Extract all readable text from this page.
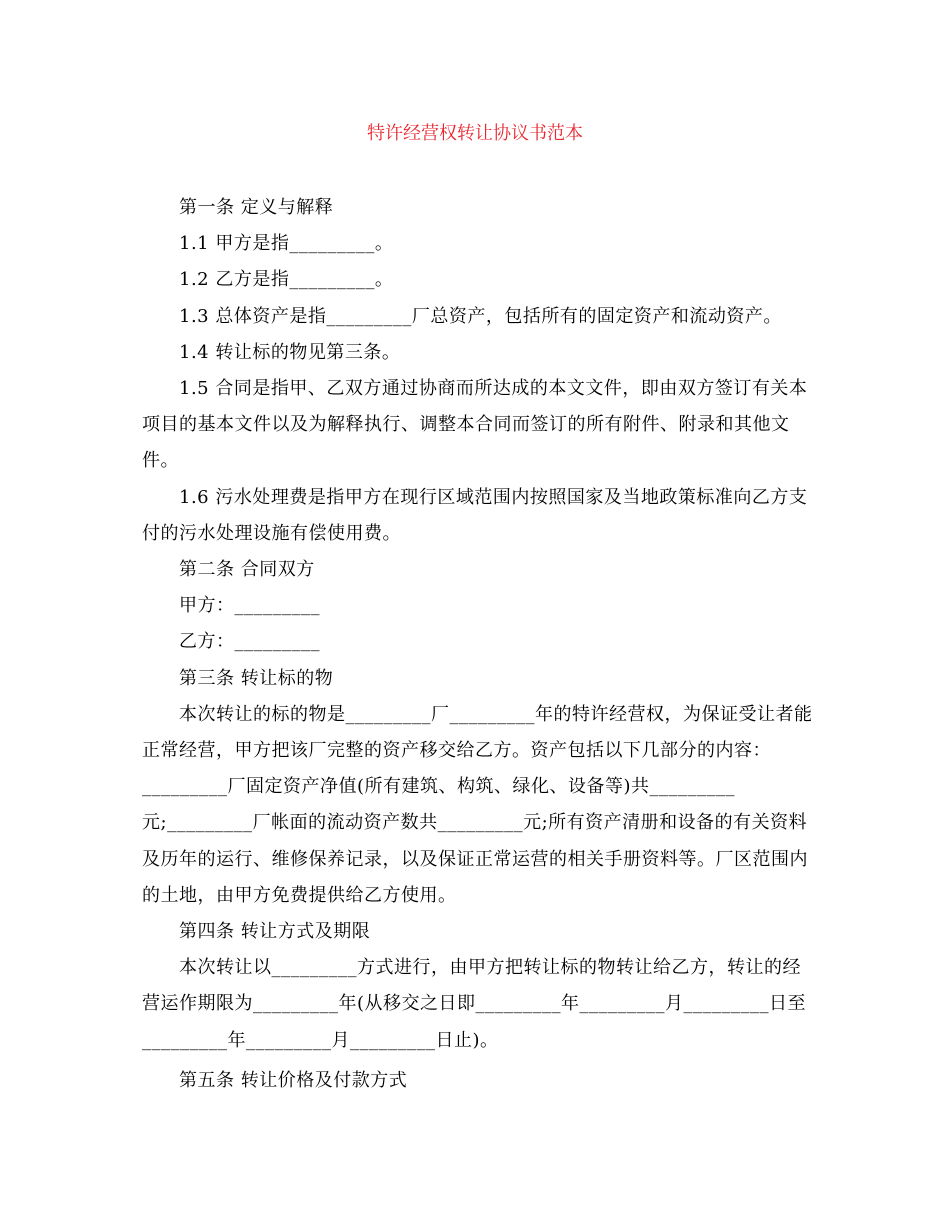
特许经营权转让协议书范本
　　第一条 定义与解释
　　1.1 甲方是指_________。
　　1.2 乙方是指_________。
　　1.3 总体资产是指_________厂总资产，包括所有的固定资产和流动资产。
　　1.4 转让标的物见第三条。
　　1.5 合同是指甲、乙双方通过协商而所达成的本文文件，即由双方签订有关本
项目的基本文件以及为解释执行、调整本合同而签订的所有附件、附录和其他文
件。
　　1.6 污水处理费是指甲方在现行区域范围内按照国家及当地政策标准向乙方支
付的污水处理设施有偿使用费。
　　第二条 合同双方
　　甲方：_________
　　乙方：_________
　　第三条 转让标的物
　　本次转让的标的物是_________厂_________年的特许经营权，为保证受让者能
正常经营，甲方把该厂完整的资产移交给乙方。资产包括以下几部分的内容：
_________厂固定资产净值(所有建筑、构筑、绿化、设备等)共_________
元;_________厂帐面的流动资产数共_________元;所有资产清册和设备的有关资料
及历年的运行、维修保养记录，以及保证正常运营的相关手册资料等。厂区范围内
的土地，由甲方免费提供给乙方使用。
　　第四条 转让方式及期限
　　本次转让以_________方式进行，由甲方把转让标的物转让给乙方，转让的经
营运作期限为_________年(从移交之日即_________年_________月_________日至
_________年_________月_________日止)。
　　第五条 转让价格及付款方式
